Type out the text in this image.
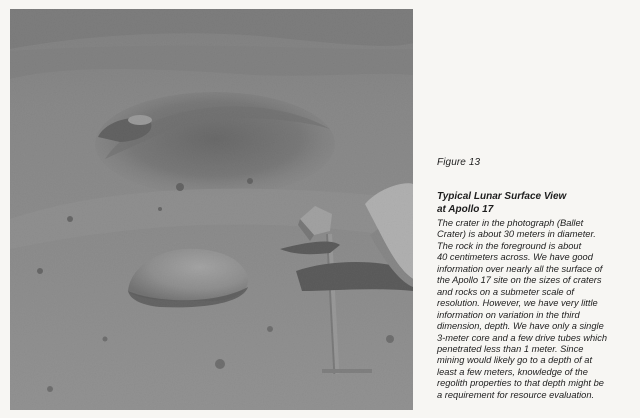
Figure 13

Typical Lunar Surface View
at Apollo 17

The crater in the photograph (Ballet
Crater) is about 30 meters in diameter.
The rock in the foreground is about
40 centimeters across. We have good
information over nearly all the surface of
the Apollo 17 site on the sizes of craters
and rocks on a submeter scale of
resolution. However, we have very little
information on variation in the third
dimension, depth. We have only a single
3-meter core and a few drive tubes which
penetrated less than 1 meter. Since
mining would likely go to a depth of at
least a few meters, knowledge of the
regolith properties to that depth might be
a requirement for resource evaluation.
